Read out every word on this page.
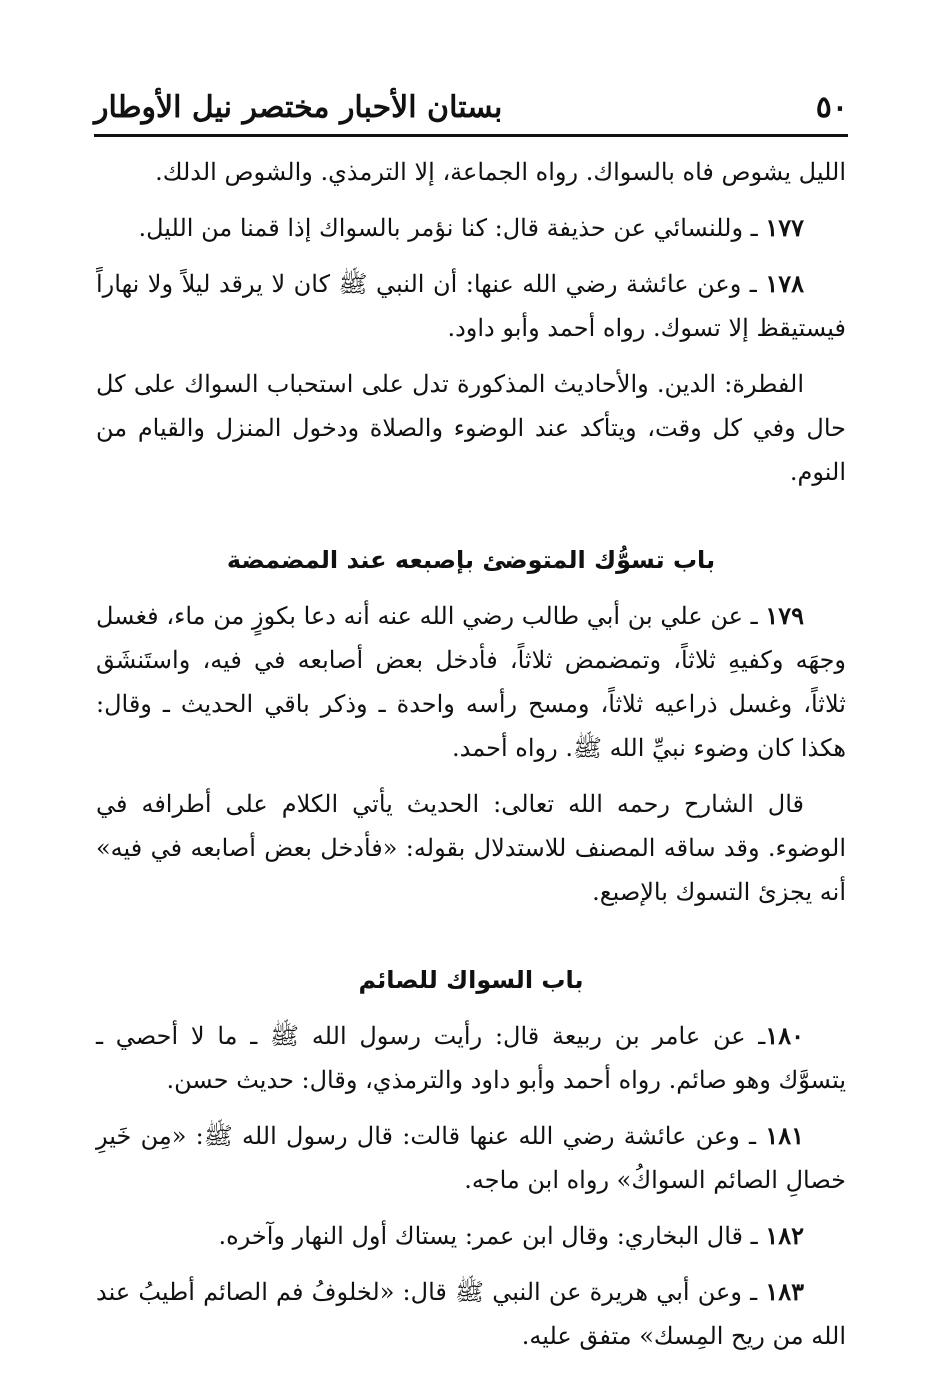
٥٠
بستان الأحبار مختصر نيل الأوطار

الليل يشوص فاه بالسواك. رواه الجماعة، إلا الترمذي. والشوص الدلك.

١٧٧ ـ وللنسائي عن حذيفة قال: كنا نؤمر بالسواك إذا قمنا من الليل.

١٧٨ ـ وعن عائشة رضي الله عنها: أن النبي ﷺ كان لا يرقد ليلاً ولا نهاراً فيستيقظ إلا تسوك. رواه أحمد وأبو داود.

الفطرة: الدين. والأحاديث المذكورة تدل على استحباب السواك على كل حال وفي كل وقت، ويتأكد عند الوضوء والصلاة ودخول المنزل والقيام من النوم.

باب تسوُّك المتوضئ بإصبعه عند المضمضة

١٧٩ ـ عن علي بن أبي طالب رضي الله عنه أنه دعا بكوزٍ من ماء، فغسل وجهَه وكفيهِ ثلاثاً، وتمضمض ثلاثاً، فأدخل بعض أصابعه في فيه، واستَنشَق ثلاثاً، وغسل ذراعيه ثلاثاً، ومسح رأسه واحدة ـ وذكر باقي الحديث ـ وقال: هكذا كان وضوء نبيِّ الله ﷺ. رواه أحمد.

قال الشارح رحمه الله تعالى: الحديث يأتي الكلام على أطرافه في الوضوء. وقد ساقه المصنف للاستدلال بقوله: «فأدخل بعض أصابعه في فيه» أنه يجزئ التسوك بالإصبع.

باب السواك للصائم

١٨٠ـ عن عامر بن ربيعة قال: رأيت رسول الله ﷺ ـ ما لا أحصي ـ يتسوَّك وهو صائم. رواه أحمد وأبو داود والترمذي، وقال: حديث حسن.

١٨١ ـ وعن عائشة رضي الله عنها قالت: قال رسول الله ﷺ: «مِن خَيرِ خصالِ الصائم السواكُ» رواه ابن ماجه.

١٨٢ ـ قال البخاري: وقال ابن عمر: يستاك أول النهار وآخره.

١٨٣ ـ وعن أبي هريرة عن النبي ﷺ قال: «لخلوفُ فم الصائم أطيبُ عند الله من ريح المِسك» متفق عليه.
